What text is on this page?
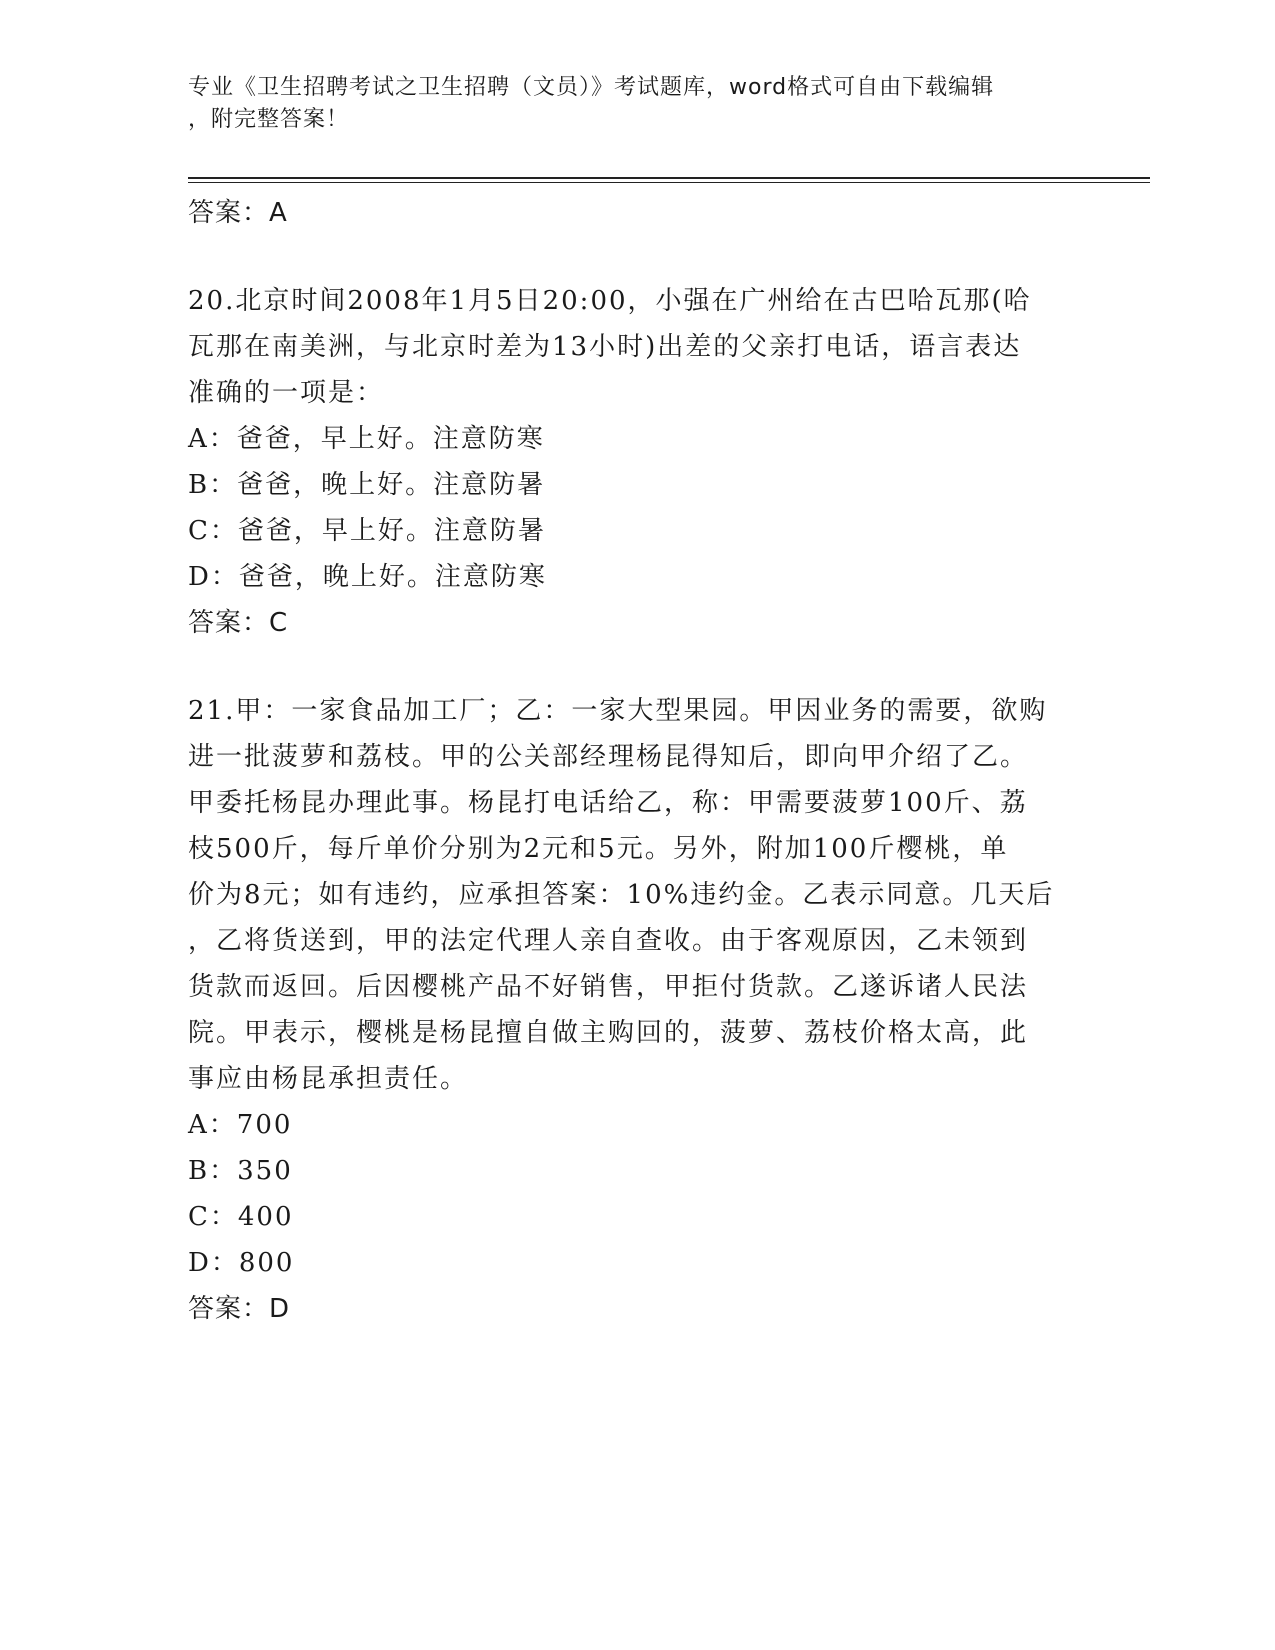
专业《卫生招聘考试之卫生招聘（文员）》考试题库，word格式可自由下载编辑
，附完整答案！
答案：A
20.北京时间2008年1月5日20:00，小强在广州给在古巴哈瓦那(哈
瓦那在南美洲，与北京时差为13小时)出差的父亲打电话，语言表达
准确的一项是：
A：爸爸，早上好。注意防寒
B：爸爸，晚上好。注意防暑
C：爸爸，早上好。注意防暑
D：爸爸，晚上好。注意防寒
答案：C
21.甲：一家食品加工厂；乙：一家大型果园。甲因业务的需要，欲购
进一批菠萝和荔枝。甲的公关部经理杨昆得知后，即向甲介绍了乙。
甲委托杨昆办理此事。杨昆打电话给乙，称：甲需要菠萝100斤、荔
枝500斤，每斤单价分别为2元和5元。另外，附加100斤樱桃，单
价为8元；如有违约，应承担答案：10%违约金。乙表示同意。几天后
，乙将货送到，甲的法定代理人亲自查收。由于客观原因，乙未领到
货款而返回。后因樱桃产品不好销售，甲拒付货款。乙遂诉诸人民法
院。甲表示，樱桃是杨昆擅自做主购回的，菠萝、荔枝价格太高，此
事应由杨昆承担责任。
A：700
B：350
C：400
D：800
答案：D
